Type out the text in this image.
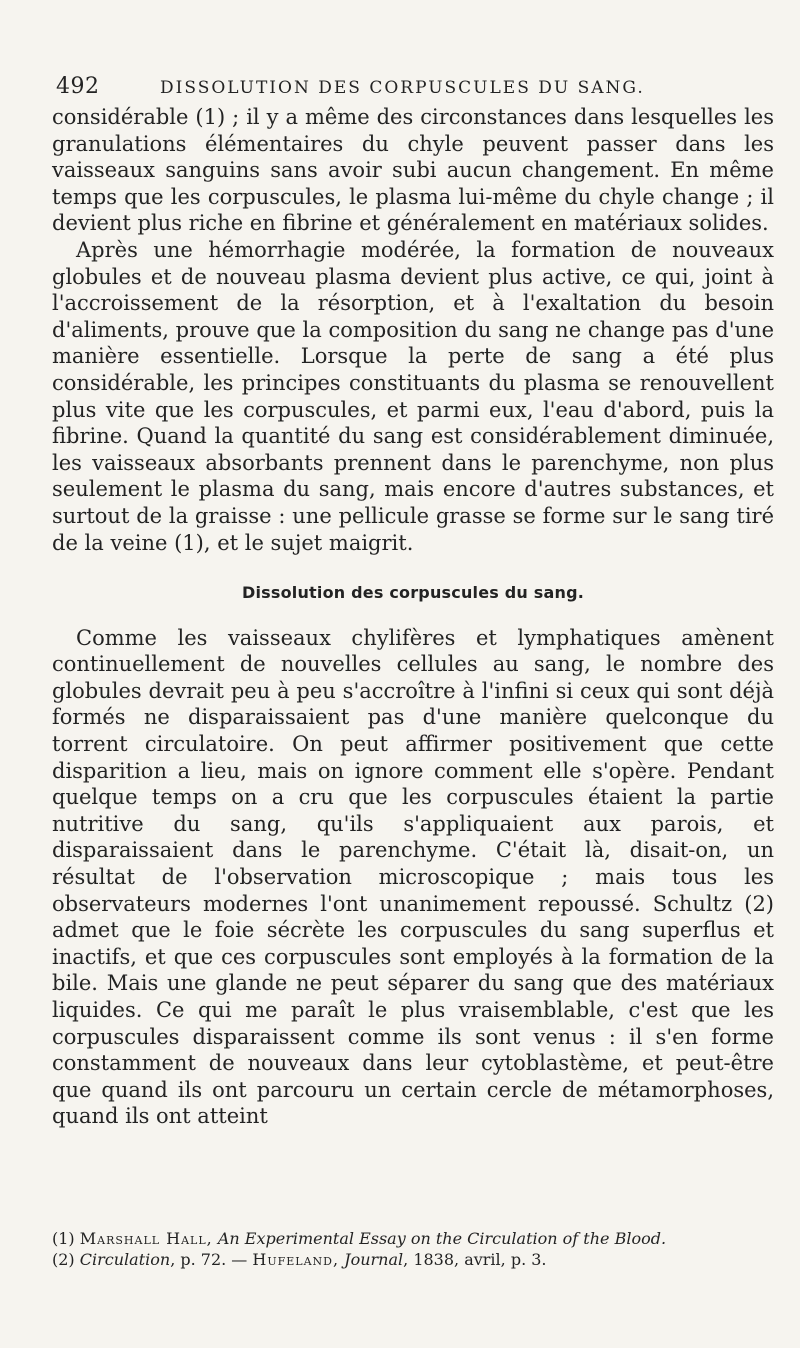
492	DISSOLUTION DES CORPUSCULES DU SANG.

considérable (1) ; il y a même des circonstances dans lesquelles les granulations élémentaires du chyle peuvent passer dans les vaisseaux sanguins sans avoir subi aucun changement. En même temps que les corpuscules, le plasma lui-même du chyle change ; il devient plus riche en fibrine et généralement en matériaux solides.

Après une hémorrhagie modérée, la formation de nouveaux globules et de nouveau plasma devient plus active, ce qui, joint à l'accroissement de la résorption, et à l'exaltation du besoin d'aliments, prouve que la composition du sang ne change pas d'une manière essentielle. Lorsque la perte de sang a été plus considérable, les principes constituants du plasma se renouvellent plus vite que les corpuscules, et parmi eux, l'eau d'abord, puis la fibrine. Quand la quantité du sang est considérablement diminuée, les vaisseaux absorbants prennent dans le parenchyme, non plus seulement le plasma du sang, mais encore d'autres substances, et surtout de la graisse : une pellicule grasse se forme sur le sang tiré de la veine (1), et le sujet maigrit.

Dissolution des corpuscules du sang.

Comme les vaisseaux chylifères et lymphatiques amènent continuellement de nouvelles cellules au sang, le nombre des globules devrait peu à peu s'accroître à l'infini si ceux qui sont déjà formés ne disparaissaient pas d'une manière quelconque du torrent circulatoire. On peut affirmer positivement que cette disparition a lieu, mais on ignore comment elle s'opère. Pendant quelque temps on a cru que les corpuscules étaient la partie nutritive du sang, qu'ils s'appliquaient aux parois, et disparaissaient dans le parenchyme. C'était là, disait-on, un résultat de l'observation microscopique ; mais tous les observateurs modernes l'ont unanimement repoussé. Schultz (2) admet que le foie sécrète les corpuscules du sang superflus et inactifs, et que ces corpuscules sont employés à la formation de la bile. Mais une glande ne peut séparer du sang que des matériaux liquides. Ce qui me paraît le plus vraisemblable, c'est que les corpuscules disparaissent comme ils sont venus : il s'en forme constamment de nouveaux dans leur cytoblastème, et peut-être que quand ils ont parcouru un certain cercle de métamorphoses, quand ils ont atteint

(1) Marshall Hall, An Experimental Essay on the Circulation of the Blood.

(2) Circulation, p. 72. — Hufeland, Journal, 1838, avril, p. 3.
